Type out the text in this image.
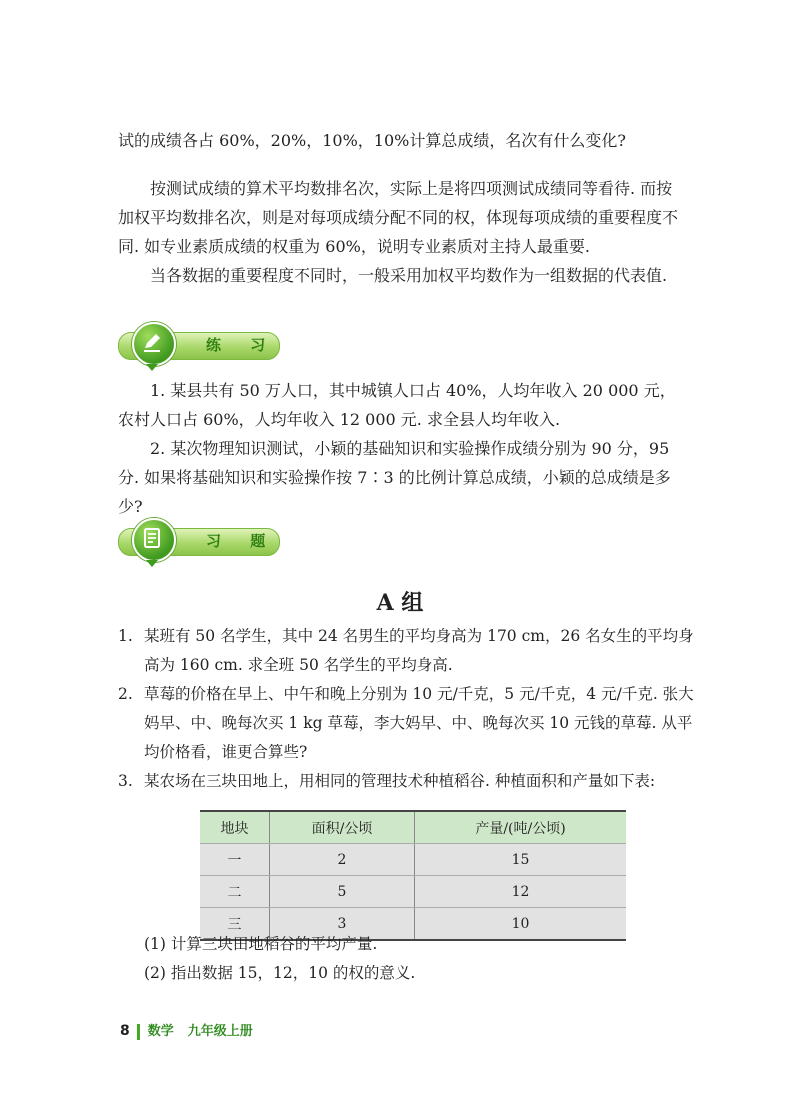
试的成绩各占 60%，20%，10%，10%计算总成绩，名次有什么变化?

按测试成绩的算术平均数排名次，实际上是将四项测试成绩同等看待. 而按加权平均数排名次，则是对每项成绩分配不同的权，体现每项成绩的重要程度不同. 如专业素质成绩的权重为 60%，说明专业素质对主持人最重要.

当各数据的重要程度不同时，一般采用加权平均数作为一组数据的代表值.

练 习

1. 某县共有 50 万人口，其中城镇人口占 40%，人均年收入 20 000 元，农村人口占 60%，人均年收入 12 000 元. 求全县人均年收入.

2. 某次物理知识测试，小颖的基础知识和实验操作成绩分别为 90 分，95 分. 如果将基础知识和实验操作按 7∶3 的比例计算总成绩，小颖的总成绩是多少?

习 题
A 组
1. 某班有 50 名学生，其中 24 名男生的平均身高为 170 cm，26 名女生的平均身高为 160 cm. 求全班 50 名学生的平均身高.

2. 草莓的价格在早上、中午和晚上分别为 10 元/千克，5 元/千克，4 元/千克. 张大妈早、中、晚每次买 1 kg 草莓，李大妈早、中、晚每次买 10 元钱的草莓. 从平均价格看，谁更合算些?

3. 某农场在三块田地上，用相同的管理技术种植稻谷. 种植面积和产量如下表:

地块	面积/公顷	产量/(吨/公顷)
一	2	15
二	5	12
三	3	10

(1) 计算三块田地稻谷的平均产量.

(2) 指出数据 15，12，10 的权的意义.

8 数学 九年级上册
